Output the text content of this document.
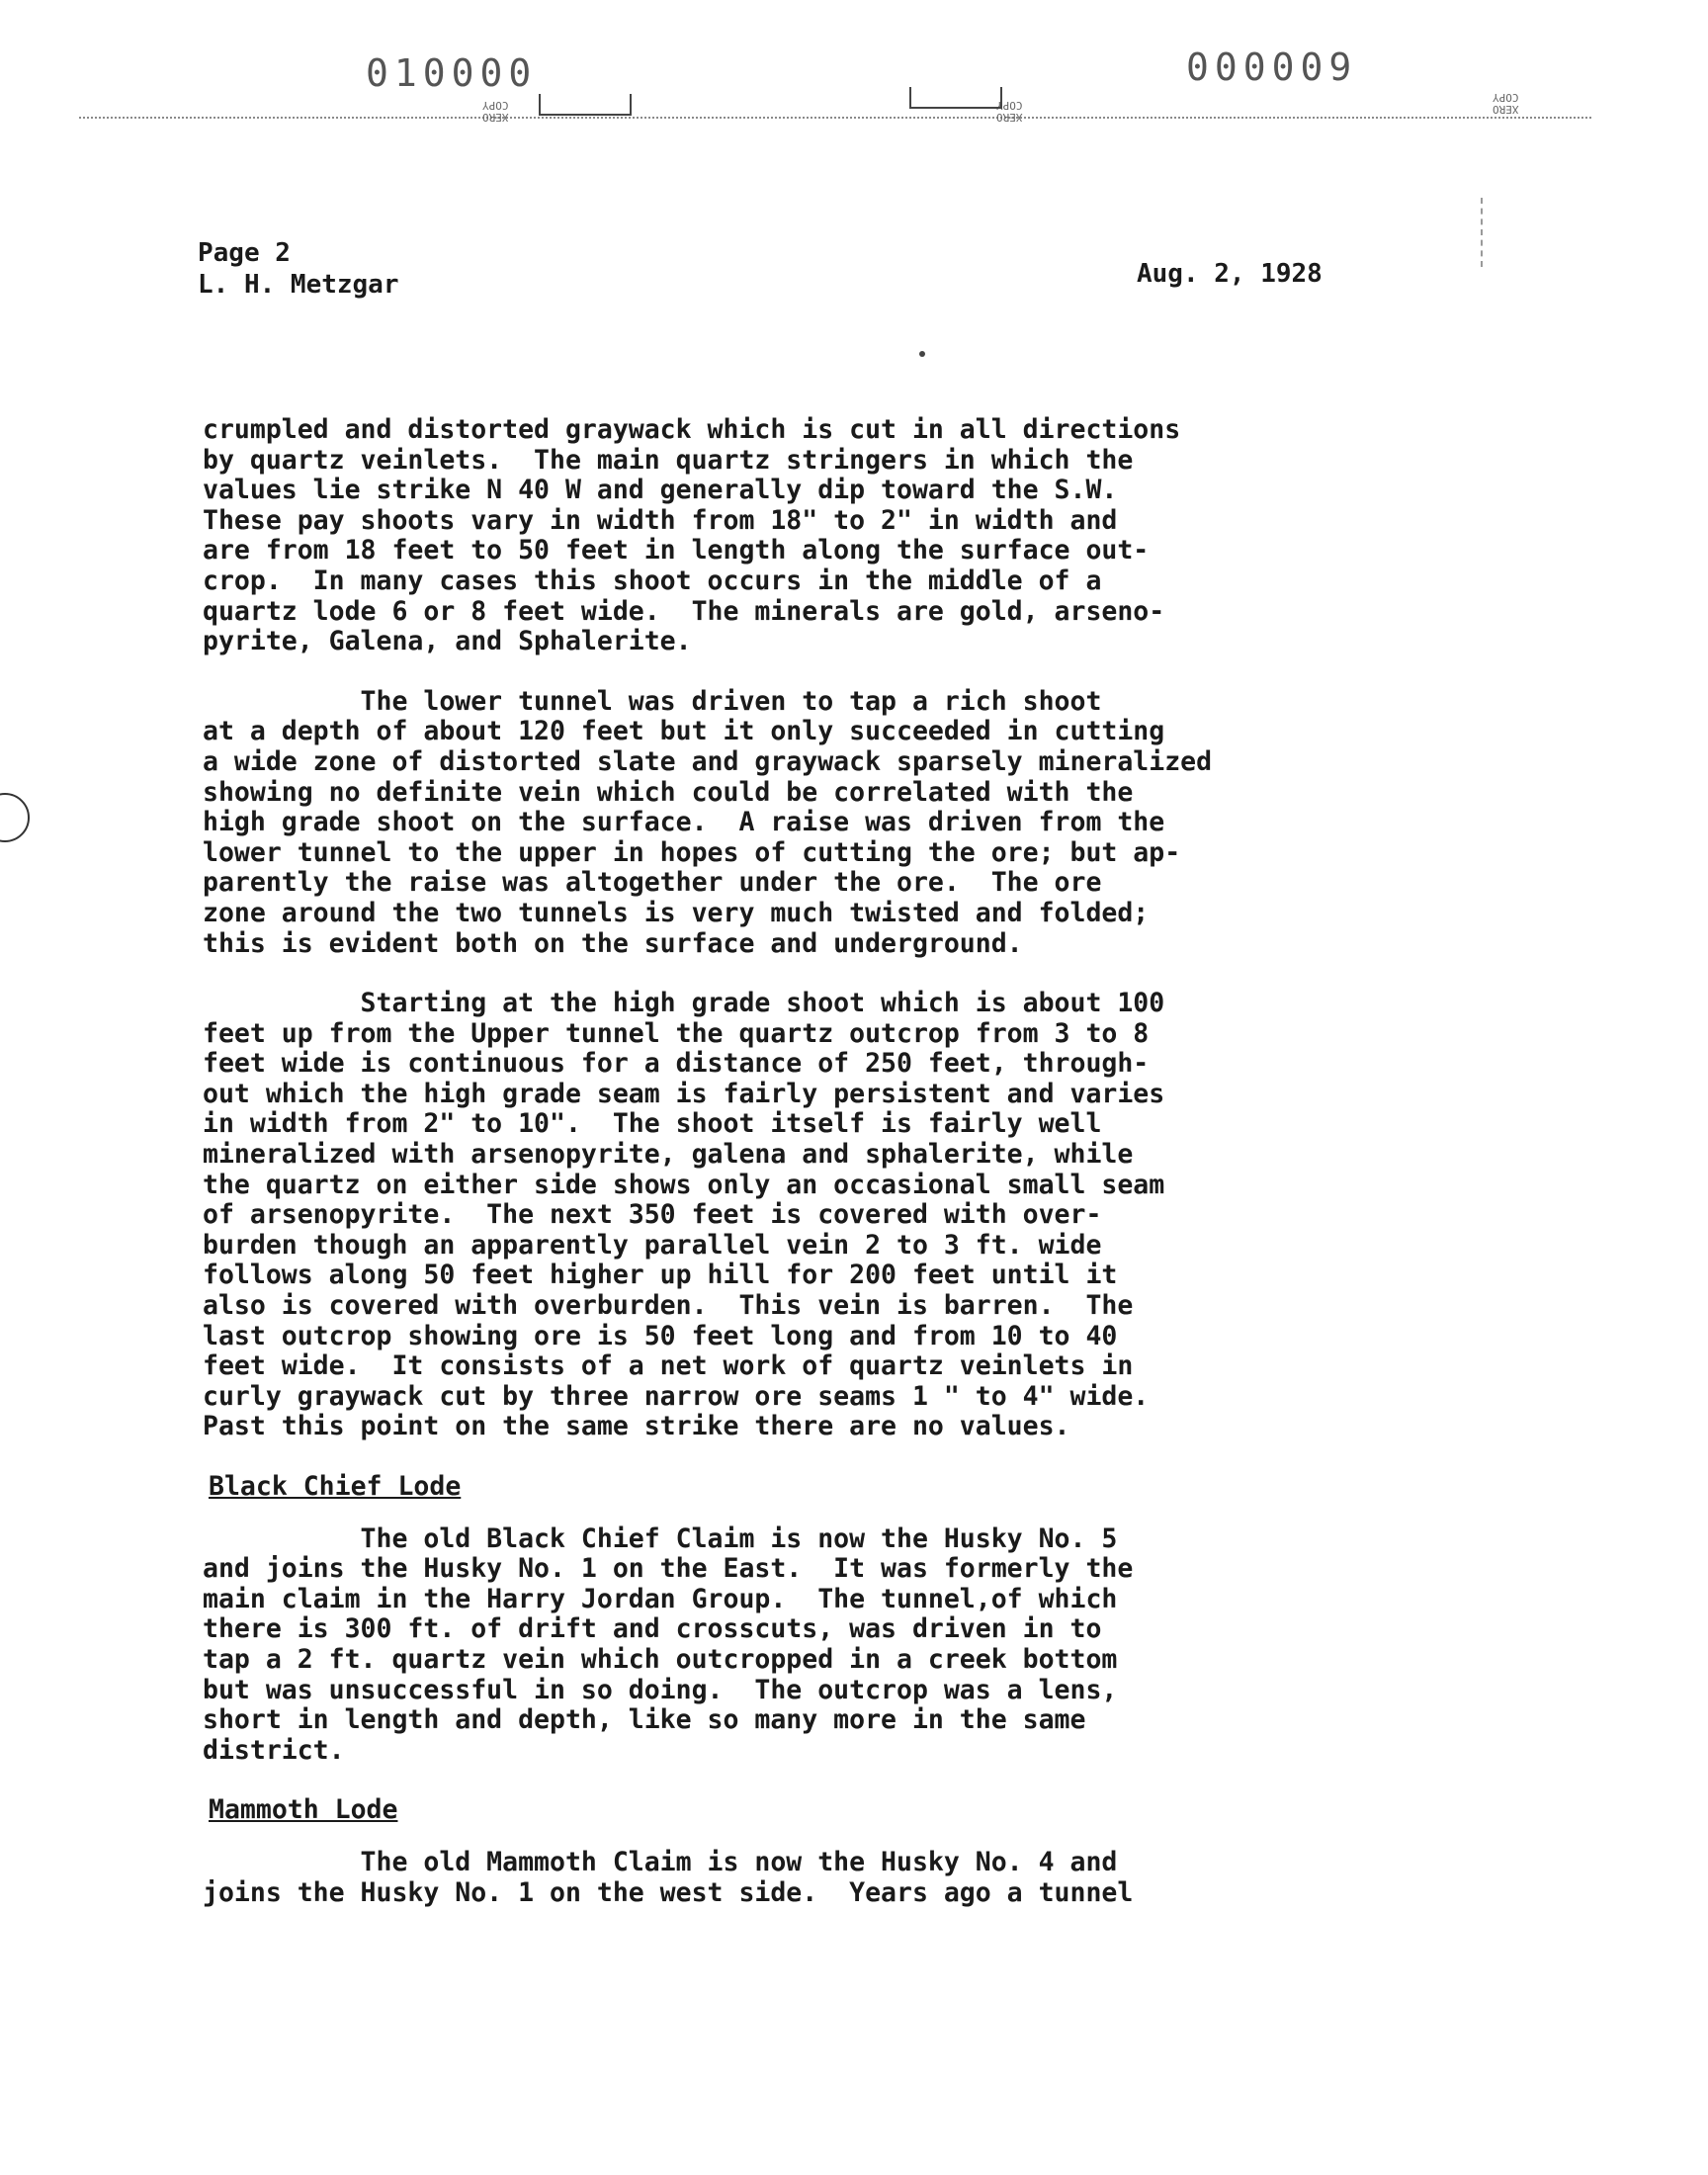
010000	000009
XERO
COPY
XERO
COPY	XERO
COPY
Page 2
L. H. Metzgar	Aug. 2, 1928
crumpled and distorted graywack which is cut in all directions
by quartz veinlets.  The main quartz stringers in which the
values lie strike N 40 W and generally dip toward the S.W.
These pay shoots vary in width from 18" to 2" in width and
are from 18 feet to 50 feet in length along the surface out-
crop.  In many cases this shoot occurs in the middle of a
quartz lode 6 or 8 feet wide.  The minerals are gold, arseno-
pyrite, Galena, and Sphalerite.
The lower tunnel was driven to tap a rich shoot
at a depth of about 120 feet but it only succeeded in cutting
a wide zone of distorted slate and graywack sparsely mineralized
showing no definite vein which could be correlated with the
high grade shoot on the surface.  A raise was driven from the
lower tunnel to the upper in hopes of cutting the ore; but ap-
parently the raise was altogether under the ore.  The ore
zone around the two tunnels is very much twisted and folded;
this is evident both on the surface and underground.
Starting at the high grade shoot which is about 100
feet up from the Upper tunnel the quartz outcrop from 3 to 8
feet wide is continuous for a distance of 250 feet, through-
out which the high grade seam is fairly persistent and varies
in width from 2" to 10".  The shoot itself is fairly well
mineralized with arsenopyrite, galena and sphalerite, while
the quartz on either side shows only an occasional small seam
of arsenopyrite.  The next 350 feet is covered with over-
burden though an apparently parallel vein 2 to 3 ft. wide
follows along 50 feet higher up hill for 200 feet until it
also is covered with overburden.  This vein is barren.  The
last outcrop showing ore is 50 feet long and from 10 to 40
feet wide.  It consists of a net work of quartz veinlets in
curly graywack cut by three narrow ore seams 1 " to 4" wide.
Past this point on the same strike there are no values.
Black Chief Lode
The old Black Chief Claim is now the Husky No. 5
and joins the Husky No. 1 on the East.  It was formerly the
main claim in the Harry Jordan Group.  The tunnel,of which
there is 300 ft. of drift and crosscuts, was driven in to
tap a 2 ft. quartz vein which outcropped in a creek bottom
but was unsuccessful in so doing.  The outcrop was a lens,
short in length and depth, like so many more in the same
district.
Mammoth Lode
The old Mammoth Claim is now the Husky No. 4 and
joins the Husky No. 1 on the west side.  Years ago a tunnel
